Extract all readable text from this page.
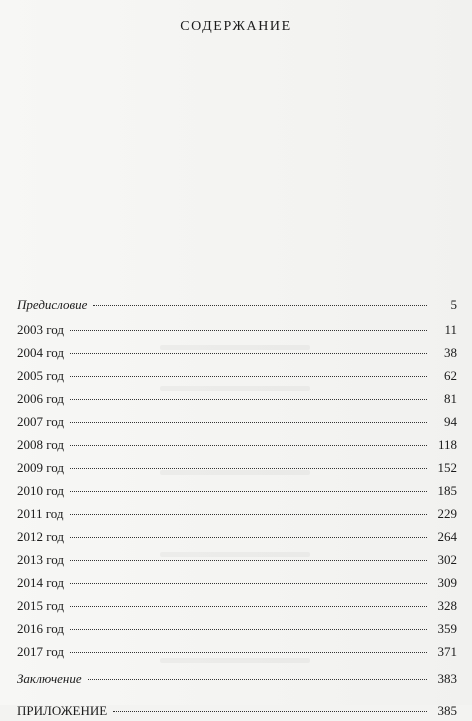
СОДЕРЖАНИЕ
Предисловие	5
2003 год	11
2004 год	38
2005 год	62
2006 год	81
2007 год	94
2008 год	118
2009 год	152
2010 год	185
2011 год	229
2012 год	264
2013 год	302
2014 год	309
2015 год	328
2016 год	359
2017 год	371
Заключение	383
ПРИЛОЖЕНИЕ	385
